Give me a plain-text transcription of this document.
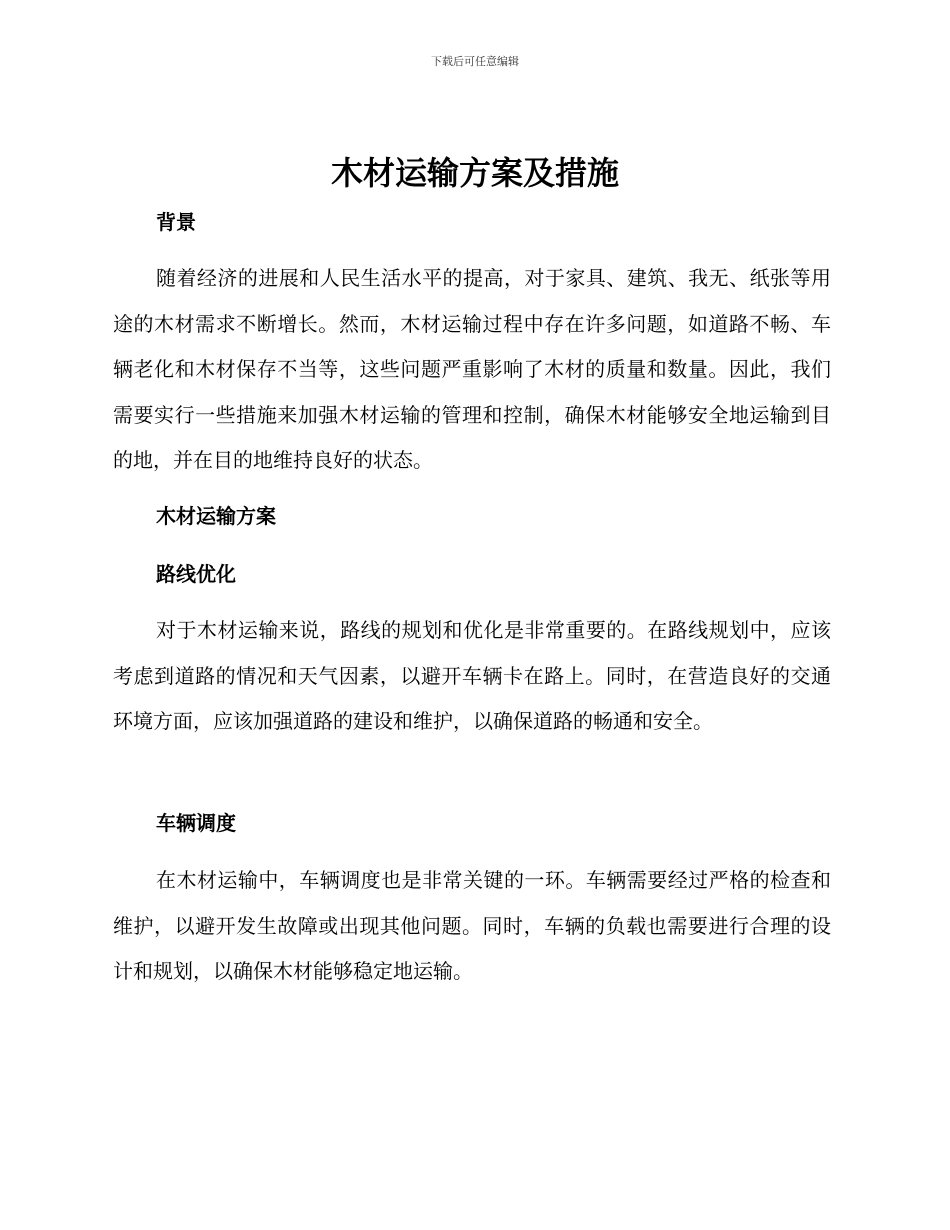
下载后可任意编辑
木材运输方案及措施
背景
随着经济的进展和人民生活水平的提高，对于家具、建筑、我无、纸张等用途的木材需求不断增长。然而，木材运输过程中存在许多问题，如道路不畅、车辆老化和木材保存不当等，这些问题严重影响了木材的质量和数量。因此，我们需要实行一些措施来加强木材运输的管理和控制，确保木材能够安全地运输到目的地，并在目的地维持良好的状态。
木材运输方案
路线优化
对于木材运输来说，路线的规划和优化是非常重要的。在路线规划中，应该考虑到道路的情况和天气因素，以避开车辆卡在路上。同时，在营造良好的交通环境方面，应该加强道路的建设和维护，以确保道路的畅通和安全。
车辆调度
在木材运输中，车辆调度也是非常关键的一环。车辆需要经过严格的检查和维护，以避开发生故障或出现其他问题。同时，车辆的负载也需要进行合理的设计和规划，以确保木材能够稳定地运输。
